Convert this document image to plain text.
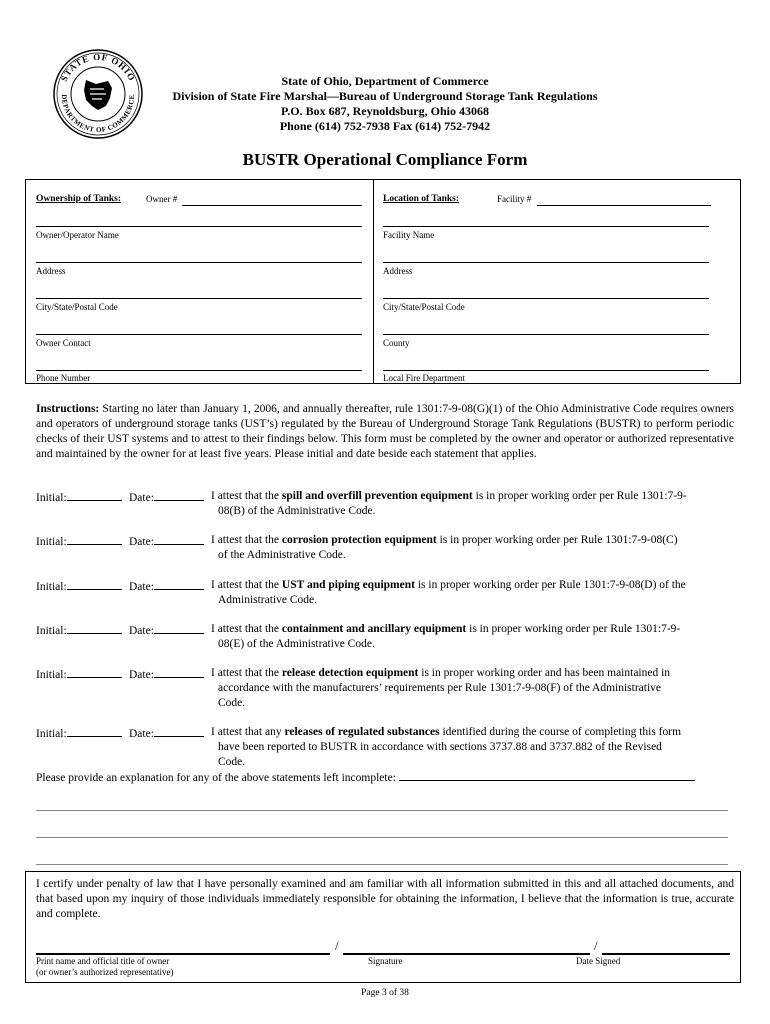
STATE OF OHIO
DEPARTMENT OF COMMERCE
State of Ohio, Department of Commerce
Division of State Fire Marshal—Bureau of Underground Storage Tank Regulations
P.O. Box 687, Reynoldsburg, Ohio 43068
Phone (614) 752-7938 Fax (614) 752-7942
BUSTR Operational Compliance Form
Ownership of Tanks:	Owner #
Owner/Operator Name
Address
City/State/Postal Code
Owner Contact
Phone Number
Location of Tanks:	Facility #
Facility Name
Address
City/State/Postal Code
County
Local Fire Department
Instructions: Starting no later than January 1, 2006, and annually thereafter, rule 1301:7-9-08(G)(1) of the Ohio Administrative Code requires owners and operators of underground storage tanks (UST’s) regulated by the Bureau of Underground Storage Tank Regulations (BUSTR) to perform periodic checks of their UST systems and to attest to their findings below. This form must be completed by the owner and operator or authorized representative and maintained by the owner for at least five years. Please initial and date beside each statement that applies.
Initial:	Date:	I attest that the spill and overfill prevention equipment is in proper working order per Rule 1301:7-9-
08(B) of the Administrative Code.
Initial:	Date:	I attest that the corrosion protection equipment is in proper working order per Rule 1301:7-9-08(C)
of the Administrative Code.
Initial:	Date:	I attest that the UST and piping equipment is in proper working order per Rule 1301:7-9-08(D) of the
Administrative Code.
Initial:	Date:	I attest that the containment and ancillary equipment is in proper working order per Rule 1301:7-9-
08(E) of the Administrative Code.
Initial:	Date:	I attest that the release detection equipment is in proper working order and has been maintained in
accordance with the manufacturers’ requirements per Rule 1301:7-9-08(F) of the Administrative
Code.
Initial:	Date:	I attest that any releases of regulated substances identified during the course of completing this form
have been reported to BUSTR in accordance with sections 3737.88 and 3737.882 of the Revised
Code.
Please provide an explanation for any of the above statements left incomplete:
I certify under penalty of law that I have personally examined and am familiar with all information submitted in this and all attached documents, and that based upon my inquiry of those individuals immediately responsible for obtaining the information, I believe that the information is true, accurate and complete.
/	/
Print name and official title of owner
(or owner’s authorized representative)
Signature	Date Signed
Page 3 of 38
